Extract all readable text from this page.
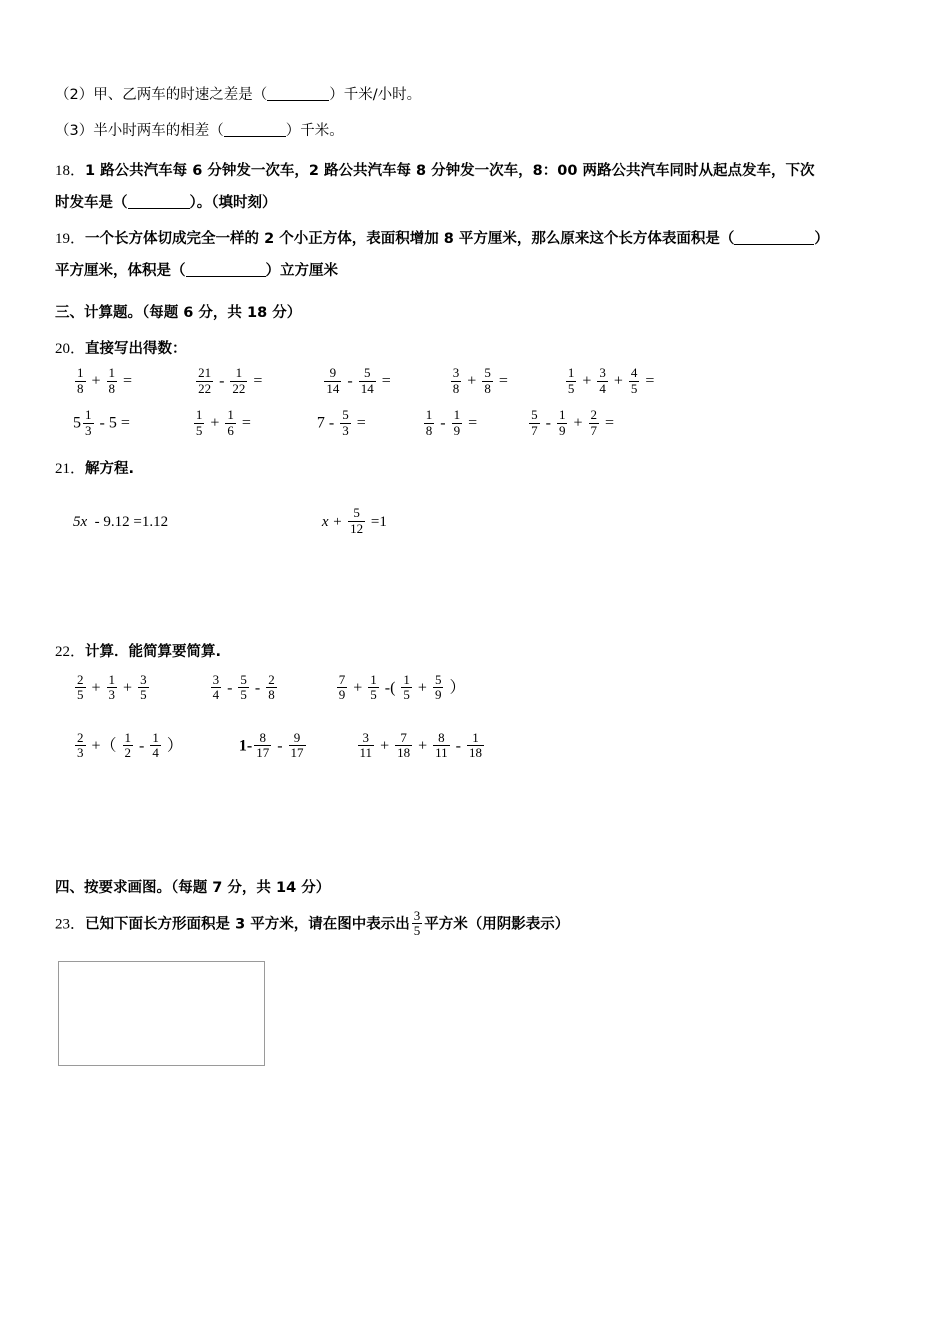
（2）甲、乙两车的时速之差是（	）千米/小时。
（3）半小时两车的相差（	）千米。
18．1 路公共汽车每 6 分钟发一次车，2 路公共汽车每 8 分钟发一次车，8：00 两路公共汽车同时从起点发车，下次
时发车是（	）。（填时刻）
19．一个长方体切成完全一样的 2 个小正方体，表面积增加 8 平方厘米，那么原来这个长方体表面积是（	）
平方厘米，体积是（	）立方厘米
三、计算题。（每题 6 分，共 18 分）
20．直接写出得数：
$\frac{1}{8} + \frac{1}{8}$ =	$\frac{21}{22} - \frac{1}{22}$ =	$\frac{9}{14} - \frac{5}{14}$ =	$\frac{3}{8} + \frac{5}{8}$ =	$\frac{1}{5} + \frac{3}{4} + \frac{4}{5}$ =
$5 \frac{1}{3} - 5$ =	$\frac{1}{5} + \frac{1}{6}$ =	$7 - \frac{5}{3}$ =	$\frac{1}{8} - \frac{1}{9}$ =	$\frac{5}{7} - \frac{1}{9} + \frac{2}{7}$ =
21．解方程.
5x  - 9.12 =1.12	$x + \frac{5}{12} =1$
22．计算．能简算要简算.
$\frac{2}{5} + \frac{1}{3} + \frac{3}{5}$	$\frac{3}{4} - \frac{5}{5} - \frac{2}{8}$	$\frac{7}{9} + \frac{1}{5}$ -( $\frac{1}{5} + \frac{5}{9}$ ）
$\frac{2}{3}$ +（ $\frac{1}{2} - \frac{1}{4}$ ）	$1- \frac{8}{17} - \frac{9}{17}$	$\frac{3}{11} + \frac{7}{18} + \frac{8}{11} - \frac{1}{18}$
四、按要求画图。（每题 7 分，共 14 分）
23．已知下面长方形面积是 3 平方米，请在图中表示出 $\frac{3}{5}$ 平方米（用阴影表示）
